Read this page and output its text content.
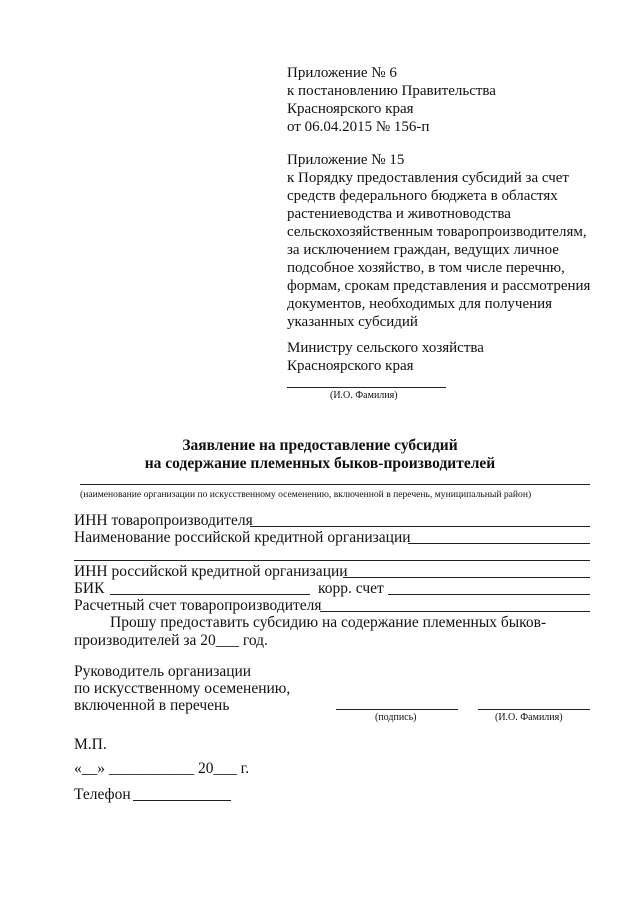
Приложение № 6
к постановлению Правительства
Красноярского края
от 06.04.2015 № 156-п
Приложение № 15
к Порядку предоставления субсидий за счет
средств федерального бюджета в областях
растениеводства и животноводства
сельскохозяйственным товаропроизводителям,
за исключением граждан, ведущих личное
подсобное хозяйство, в том числе перечню,
формам, срокам представления и рассмотрения
документов, необходимых для получения
указанных субсидий
Министру сельского хозяйства
Красноярского края
(И.О. Фамилия)
Заявление на предоставление субсидий
на содержание племенных быков-производителей
(наименование организации по искусственному осеменению, включенной в перечень, муниципальный район)
ИНН товаропроизводителя
Наименование российской кредитной организации
ИНН российской кредитной организации
БИК	корр. счет
Расчетный счет товаропроизводителя
Прошу предоставить субсидию на содержание племенных быков-
производителей за 20___ год.
Руководитель организации
по искусственному осеменению,
включенной в перечень
(подпись)	(И.О. Фамилия)
М.П.
«__» ___________ 20___ г.
Телефон
